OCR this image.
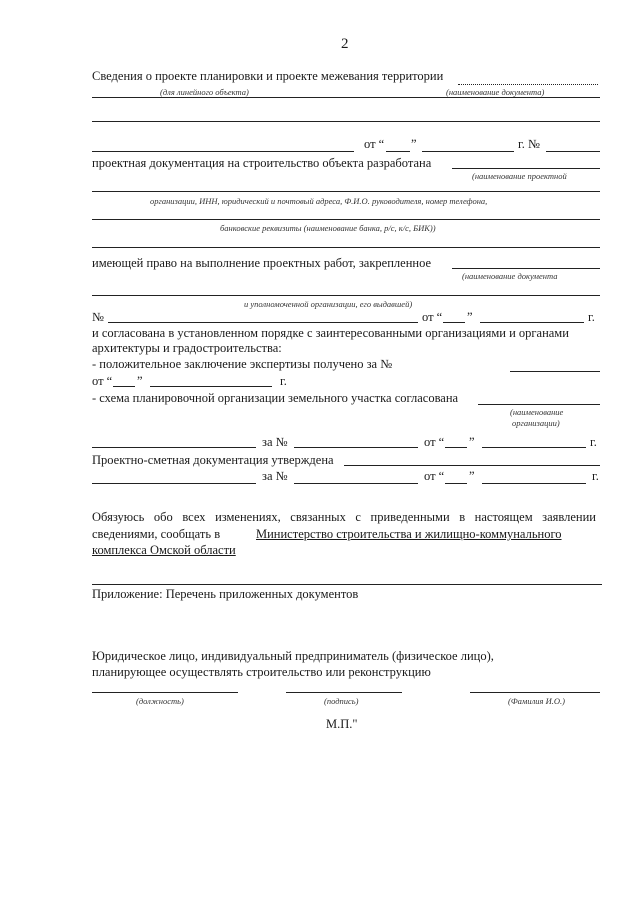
2
Сведения о проекте планировки и проекте межевания территории
(для линейного объекта)	(наименование документа)
от “ ”	г. №
проектная документация на строительство объекта разработана
(наименование проектной
организации, ИНН, юридический и почтовый адреса, Ф.И.О. руководителя, номер телефона,
банковские реквизиты (наименование банка, р/с, к/с, БИК))
имеющей право на выполнение проектных работ, закрепленное
(наименование документа
и уполномоченной организации, его выдавшей)
№	от “ ”	г.
и согласована в установленном порядке с заинтересованными организациями и органами
архитектуры и градостроительства:
- положительное заключение экспертизы получено за №
от “ ”	г.
- схема планировочной организации земельного участка согласована
(наименование
организации)
за №	от “ ”	г.
Проектно-сметная документация утверждена
за №	от “ ”	г.
Обязуюсь обо всех изменениях, связанных с приведенными в настоящем заявлении
сведениями, сообщать в	Министерство строительства и жилищно-коммунального
комплекса Омской области
Приложение: Перечень приложенных документов
Юридическое лицо, индивидуальный предприниматель (физическое лицо),
планирующее осуществлять строительство или реконструкцию
(должность)	(подпись)	(Фамилия И.О.)
М.П."
